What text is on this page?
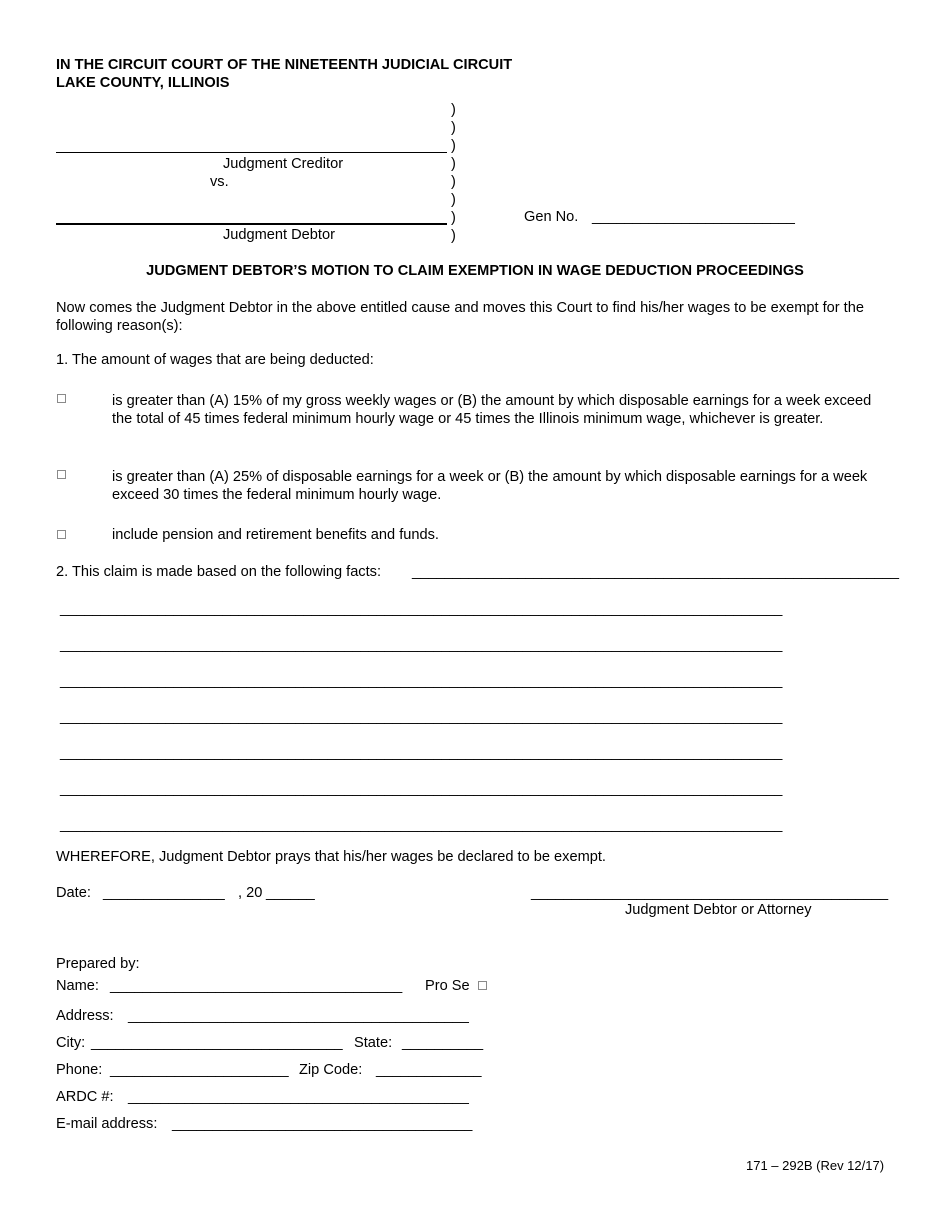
IN THE CIRCUIT COURT OF THE NINETEENTH JUDICIAL CIRCUIT
LAKE COUNTY, ILLINOIS
)
)
)
)
)
)
)
)
Judgment Creditor
vs.
Judgment Debtor
Gen No. _________________________
JUDGMENT DEBTOR’S MOTION TO CLAIM EXEMPTION IN WAGE DEDUCTION PROCEEDINGS
Now comes the Judgment Debtor in the above entitled cause and moves this Court to find his/her wages to be exempt for the following reason(s):
1. The amount of wages that are being deducted:
is greater than (A) 15% of my gross weekly wages or (B) the amount by which disposable earnings for a week exceed the total of 45 times federal minimum hourly wage or 45 times the Illinois minimum wage, whichever is greater.
is greater than (A) 25% of disposable earnings for a week or (B) the amount by which disposable earnings for a week exceed 30 times the federal minimum hourly wage.
include pension and retirement benefits and funds.
2. This claim is made based on the following facts: ____________________________________________________________
_________________________________________________________________________________________
_________________________________________________________________________________________
_________________________________________________________________________________________
_________________________________________________________________________________________
_________________________________________________________________________________________
_________________________________________________________________________________________
_________________________________________________________________________________________
WHEREFORE, Judgment Debtor prays that his/her wages be declared to be exempt.
Date: _______________ , 20 ______	____________________________________________
Judgment Debtor or Attorney
Prepared by:
Name: ____________________________________ Pro Se
Address: __________________________________________
City: _______________________________ State: __________
Phone: ______________________ Zip Code: _____________
ARDC #: __________________________________________
E-mail address: _____________________________________
171 – 292B (Rev 12/17)
